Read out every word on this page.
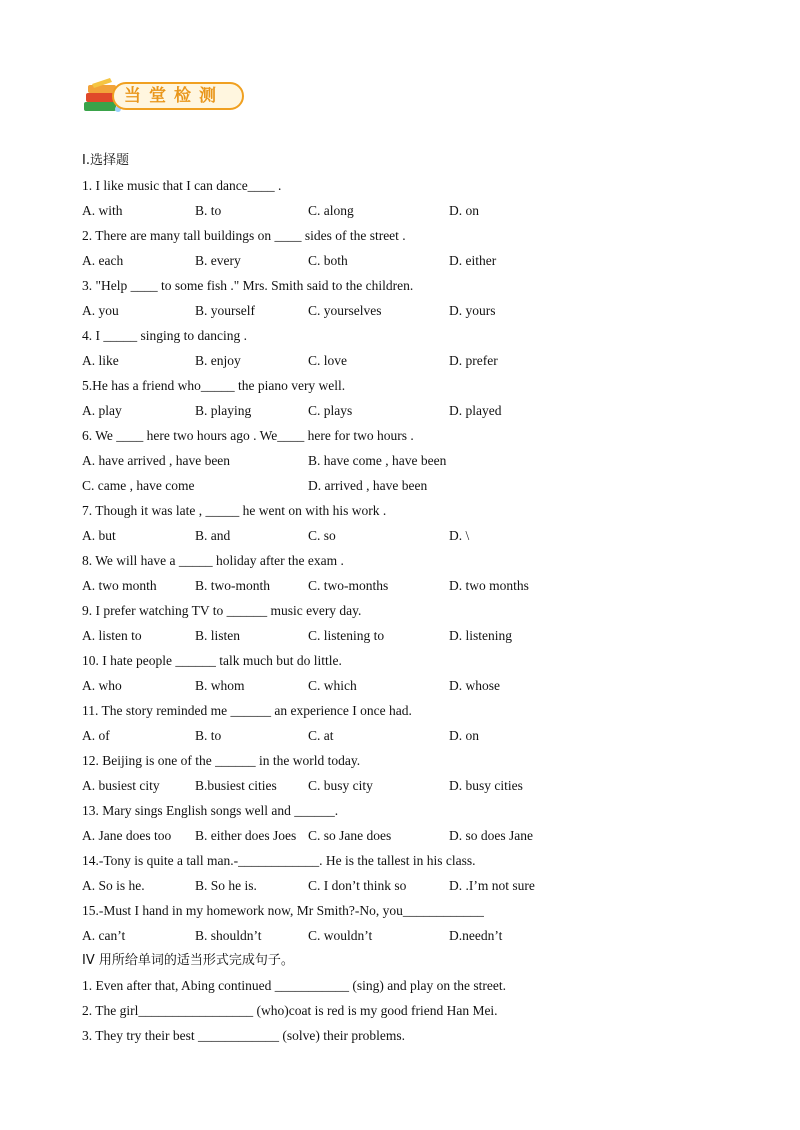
当堂检测
I.选择题
1. I like music that I can dance____ .
A. with	B. to	C. along	D. on
2. There are many tall buildings on ____ sides of the street .
A. each	B. every	C. both	D. either
3. "Help ____ to some fish ." Mrs. Smith said to the children.
A. you	B. yourself	C. yourselves	D. yours
4. I _____ singing to dancing .
A. like	B. enjoy	C. love	D. prefer
5.He has a friend who_____ the piano very well.
A. play	B. playing	C. plays	D. played
6. We ____ here two hours ago . We____ here for two hours .
A. have arrived , have been	B. have come , have been
C. came , have come	D. arrived , have been
7. Though it was late , _____ he went on with his work .
A. but	B. and	C. so	D. \
8. We will have a _____ holiday after the exam .
A. two month	B. two-month	C. two-months	D. two months
9. I prefer watching TV to ______ music every day.
A. listen to	B. listen	C. listening to	D. listening
10. I hate people ______ talk much but do little.
A. who	B. whom	C. which	D. whose
11. The story reminded me ______ an experience I once had.
A. of	B. to	C. at	D. on
12. Beijing is one of the ______ in the world today.
A. busiest city	B.busiest cities C. busy city	D. busy cities
13. Mary sings English songs well and ______.
A. Jane does too B. either does Joes C. so Jane does	D. so does Jane
14.-Tony is quite a tall man.-____________. He is the tallest in his class.
A. So is he.	B. So he is.	C. I don’t think so	D. .I’m not sure
15.-Must I hand in my homework now, Mr Smith?-No, you____________
A. can’t	B. shouldn’t	C. wouldn’t	D.needn’t
IV 用所给单词的适当形式完成句子。
1. Even after that, Abing continued ___________ (sing) and play on the street.
2. The girl_________________ (who)coat is red is my good friend Han Mei.
3. They try their best ____________ (solve) their problems.
